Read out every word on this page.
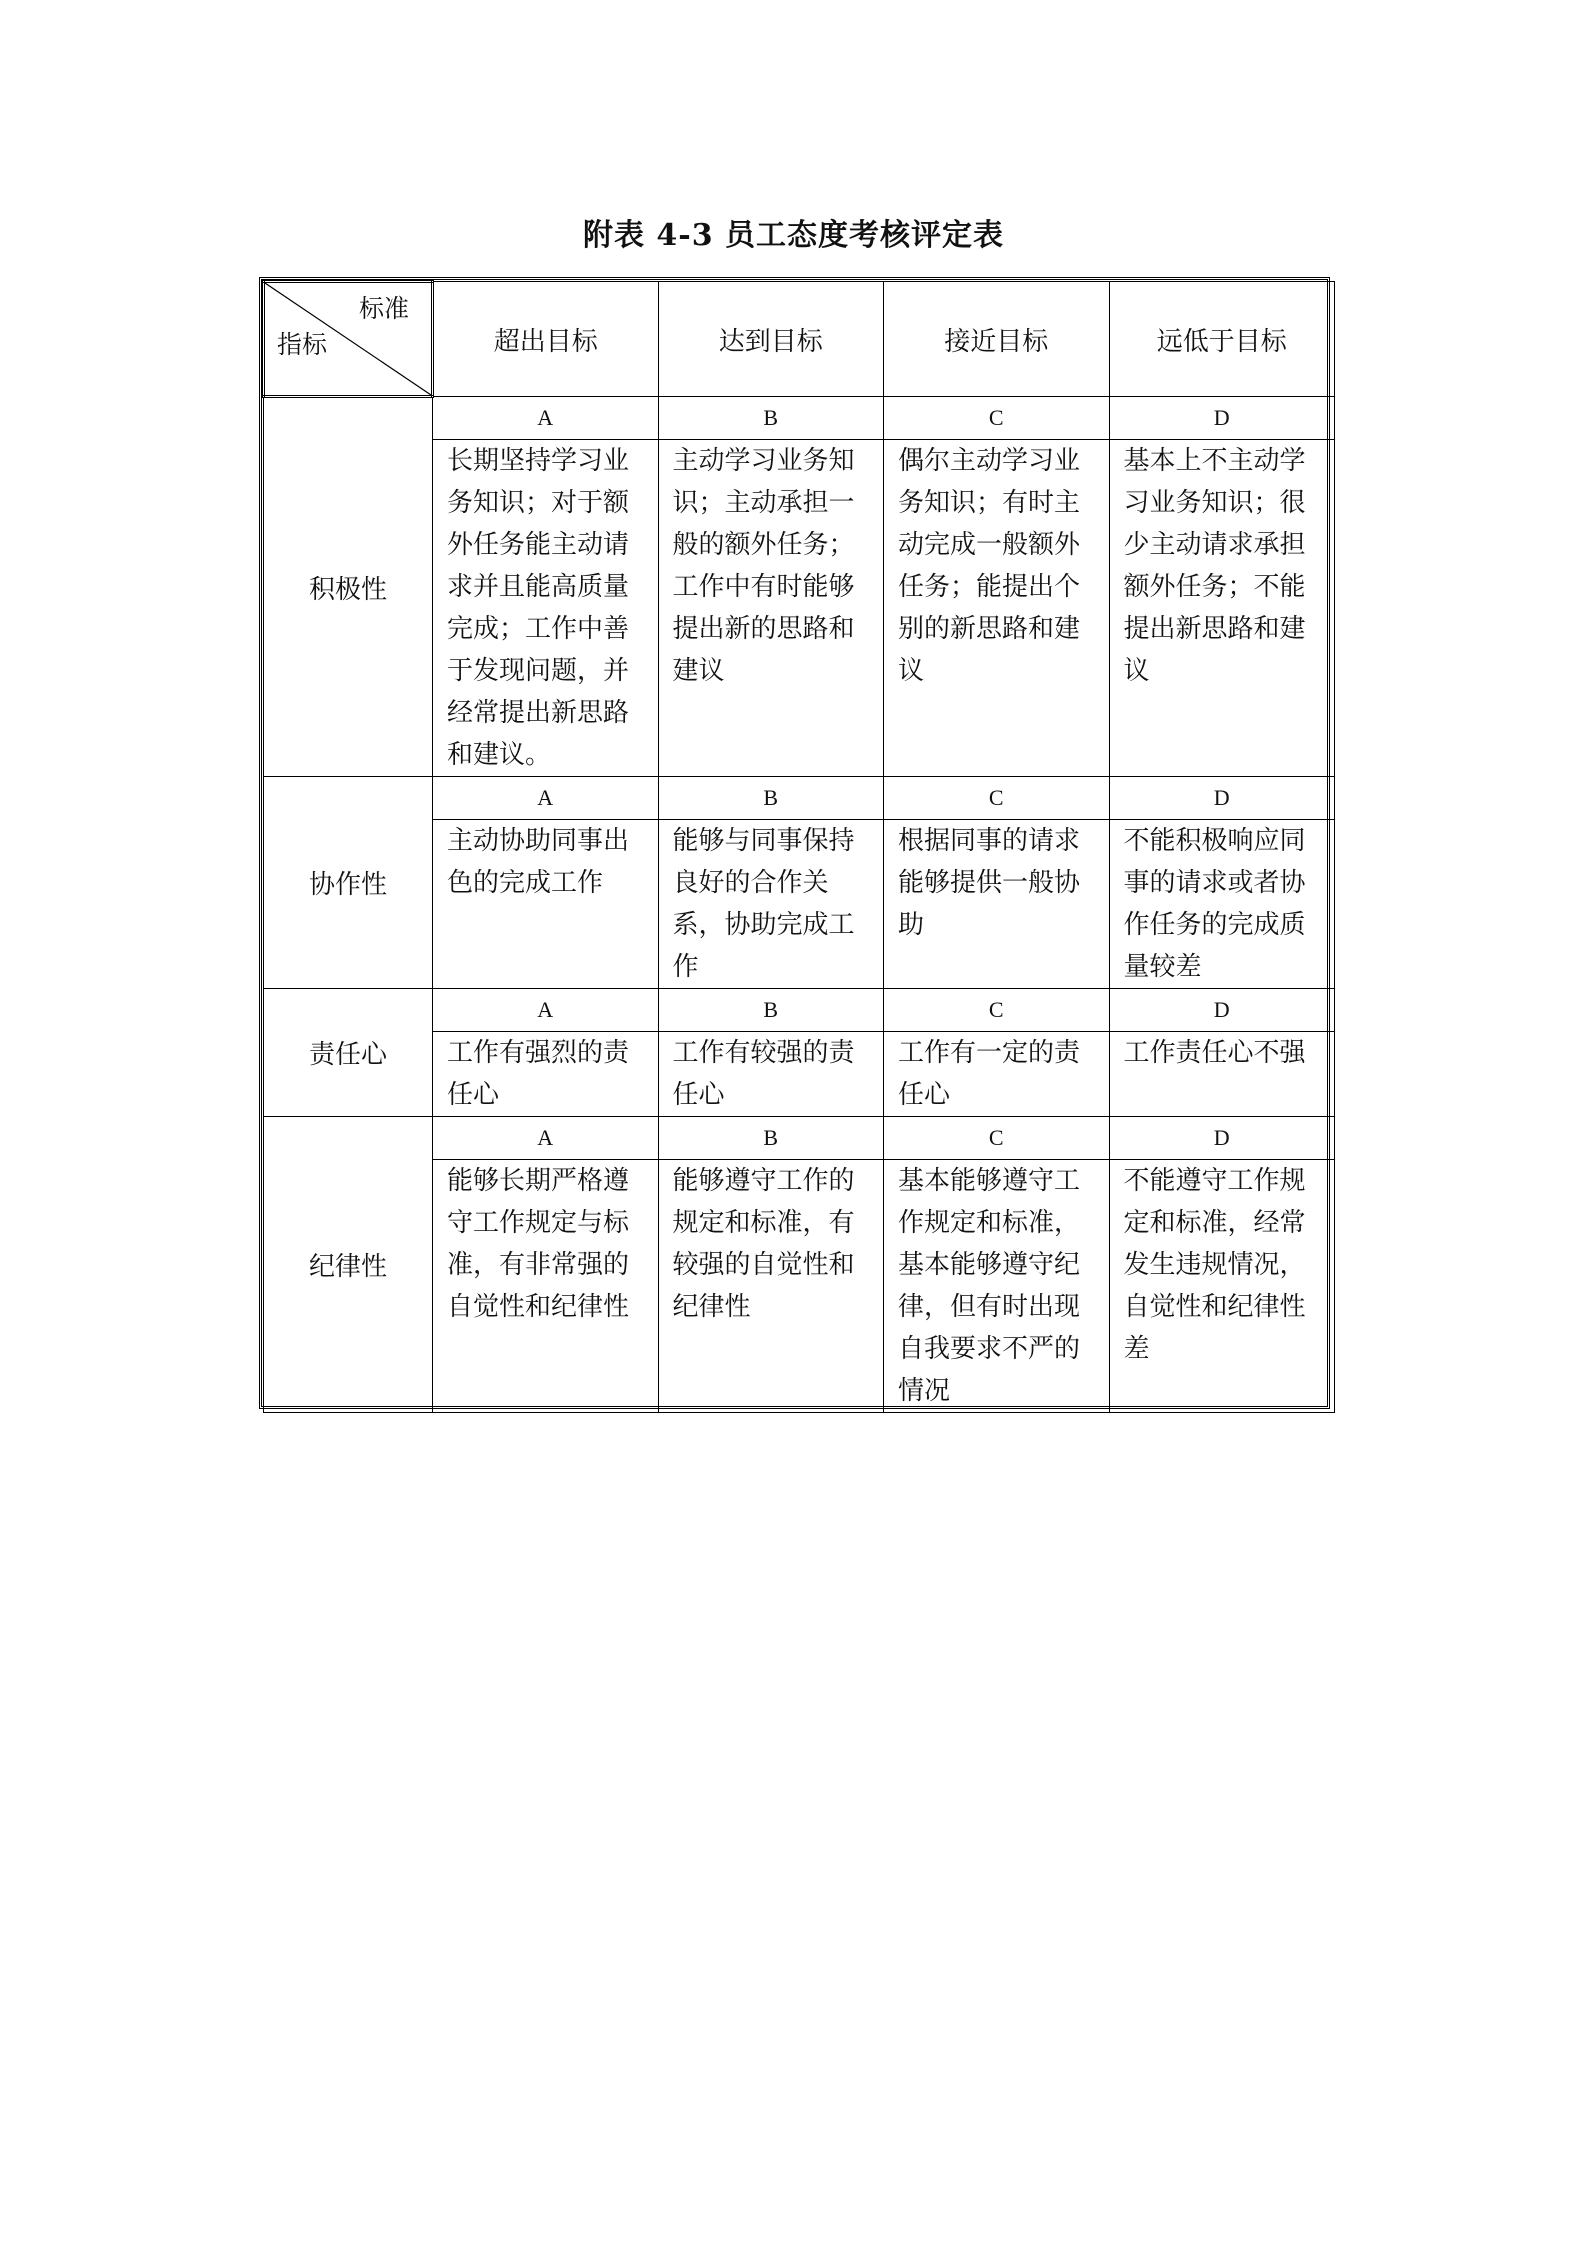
附表 4-3 员工态度考核评定表
标准
指标	超出目标	达到目标	接近目标	远低于目标
积极性	A	B	C	D
	长期坚持学习业务知识；对于额外任务能主动请求并且能高质量完成；工作中善于发现问题，并经常提出新思路和建议。	主动学习业务知识；主动承担一般的额外任务；工作中有时能够提出新的思路和建议	偶尔主动学习业务知识；有时主动完成一般额外任务；能提出个别的新思路和建议	基本上不主动学习业务知识；很少主动请求承担额外任务；不能提出新思路和建议
协作性	A	B	C	D
	主动协助同事出色的完成工作	能够与同事保持良好的合作关系，协助完成工作	根据同事的请求能够提供一般协助	不能积极响应同事的请求或者协作任务的完成质量较差
责任心	A	B	C	D
	工作有强烈的责任心	工作有较强的责任心	工作有一定的责任心	工作责任心不强
纪律性	A	B	C	D
	能够长期严格遵守工作规定与标准，有非常强的自觉性和纪律性	能够遵守工作的规定和标准，有较强的自觉性和纪律性	基本能够遵守工作规定和标准，基本能够遵守纪律，但有时出现自我要求不严的情况	不能遵守工作规定和标准，经常发生违规情况，自觉性和纪律性差
